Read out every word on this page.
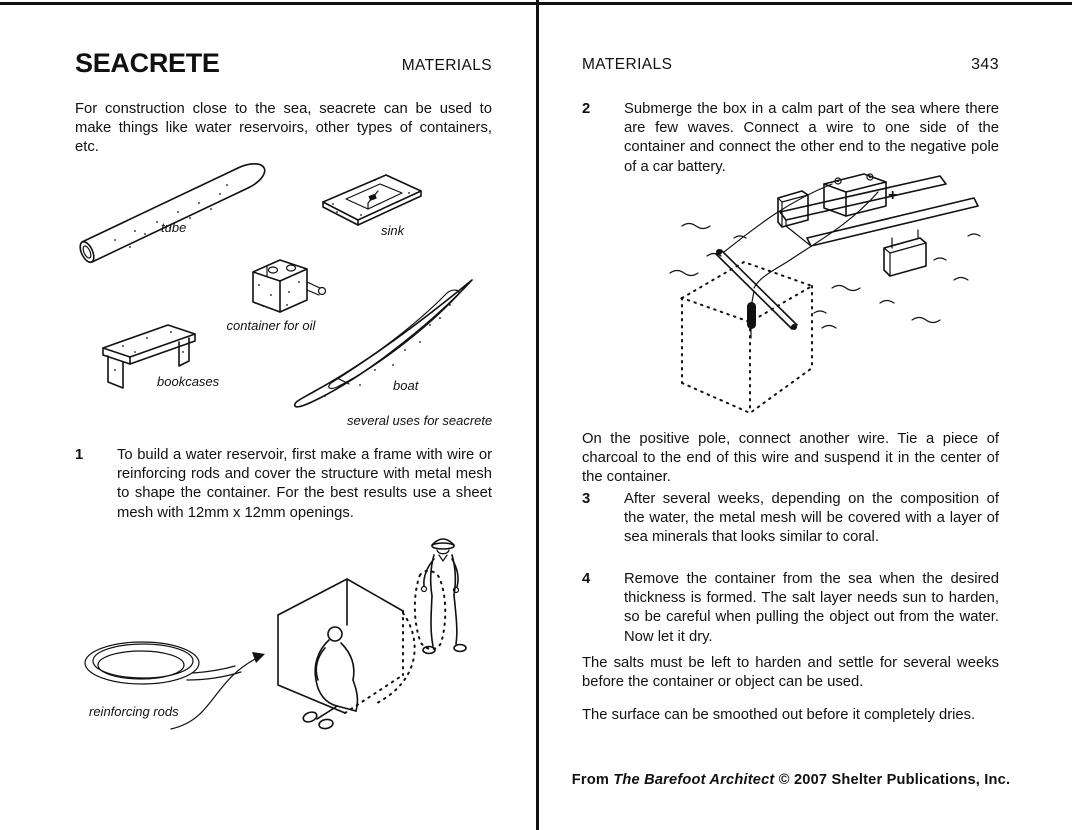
SEACRETE	MATERIALS
For construction close to the sea, seacrete can be used to make things like water reservoirs, other types of containers, etc.
tube	sink
container for oil
bookcases	boat
several uses for seacrete
1	To build a water reservoir, first make a frame with wire or reinforcing rods and cover the structure with metal mesh to shape the container. For the best results use a sheet mesh with 12mm x 12mm openings.
reinforcing rods
MATERIALS	343
2	Submerge the box in a calm part of the sea where there are few waves. Connect a wire to one side of the container and connect the other end to the negative pole of a car battery.
+
On the positive pole, connect another wire. Tie a piece of charcoal to the end of this wire and suspend it in the center of the container.
3	After several weeks, depending on the composition of the water, the metal mesh will be covered with a layer of sea minerals that looks similar to coral.
4	Remove the container from the sea when the desired thickness is formed. The salt layer needs sun to harden, so be careful when pulling the object out from the water. Now let it dry.
The salts must be left to harden and settle for several weeks before the container or object can be used.
The surface can be smoothed out before it completely dries.
From The Barefoot Architect © 2007 Shelter Publications, Inc.
